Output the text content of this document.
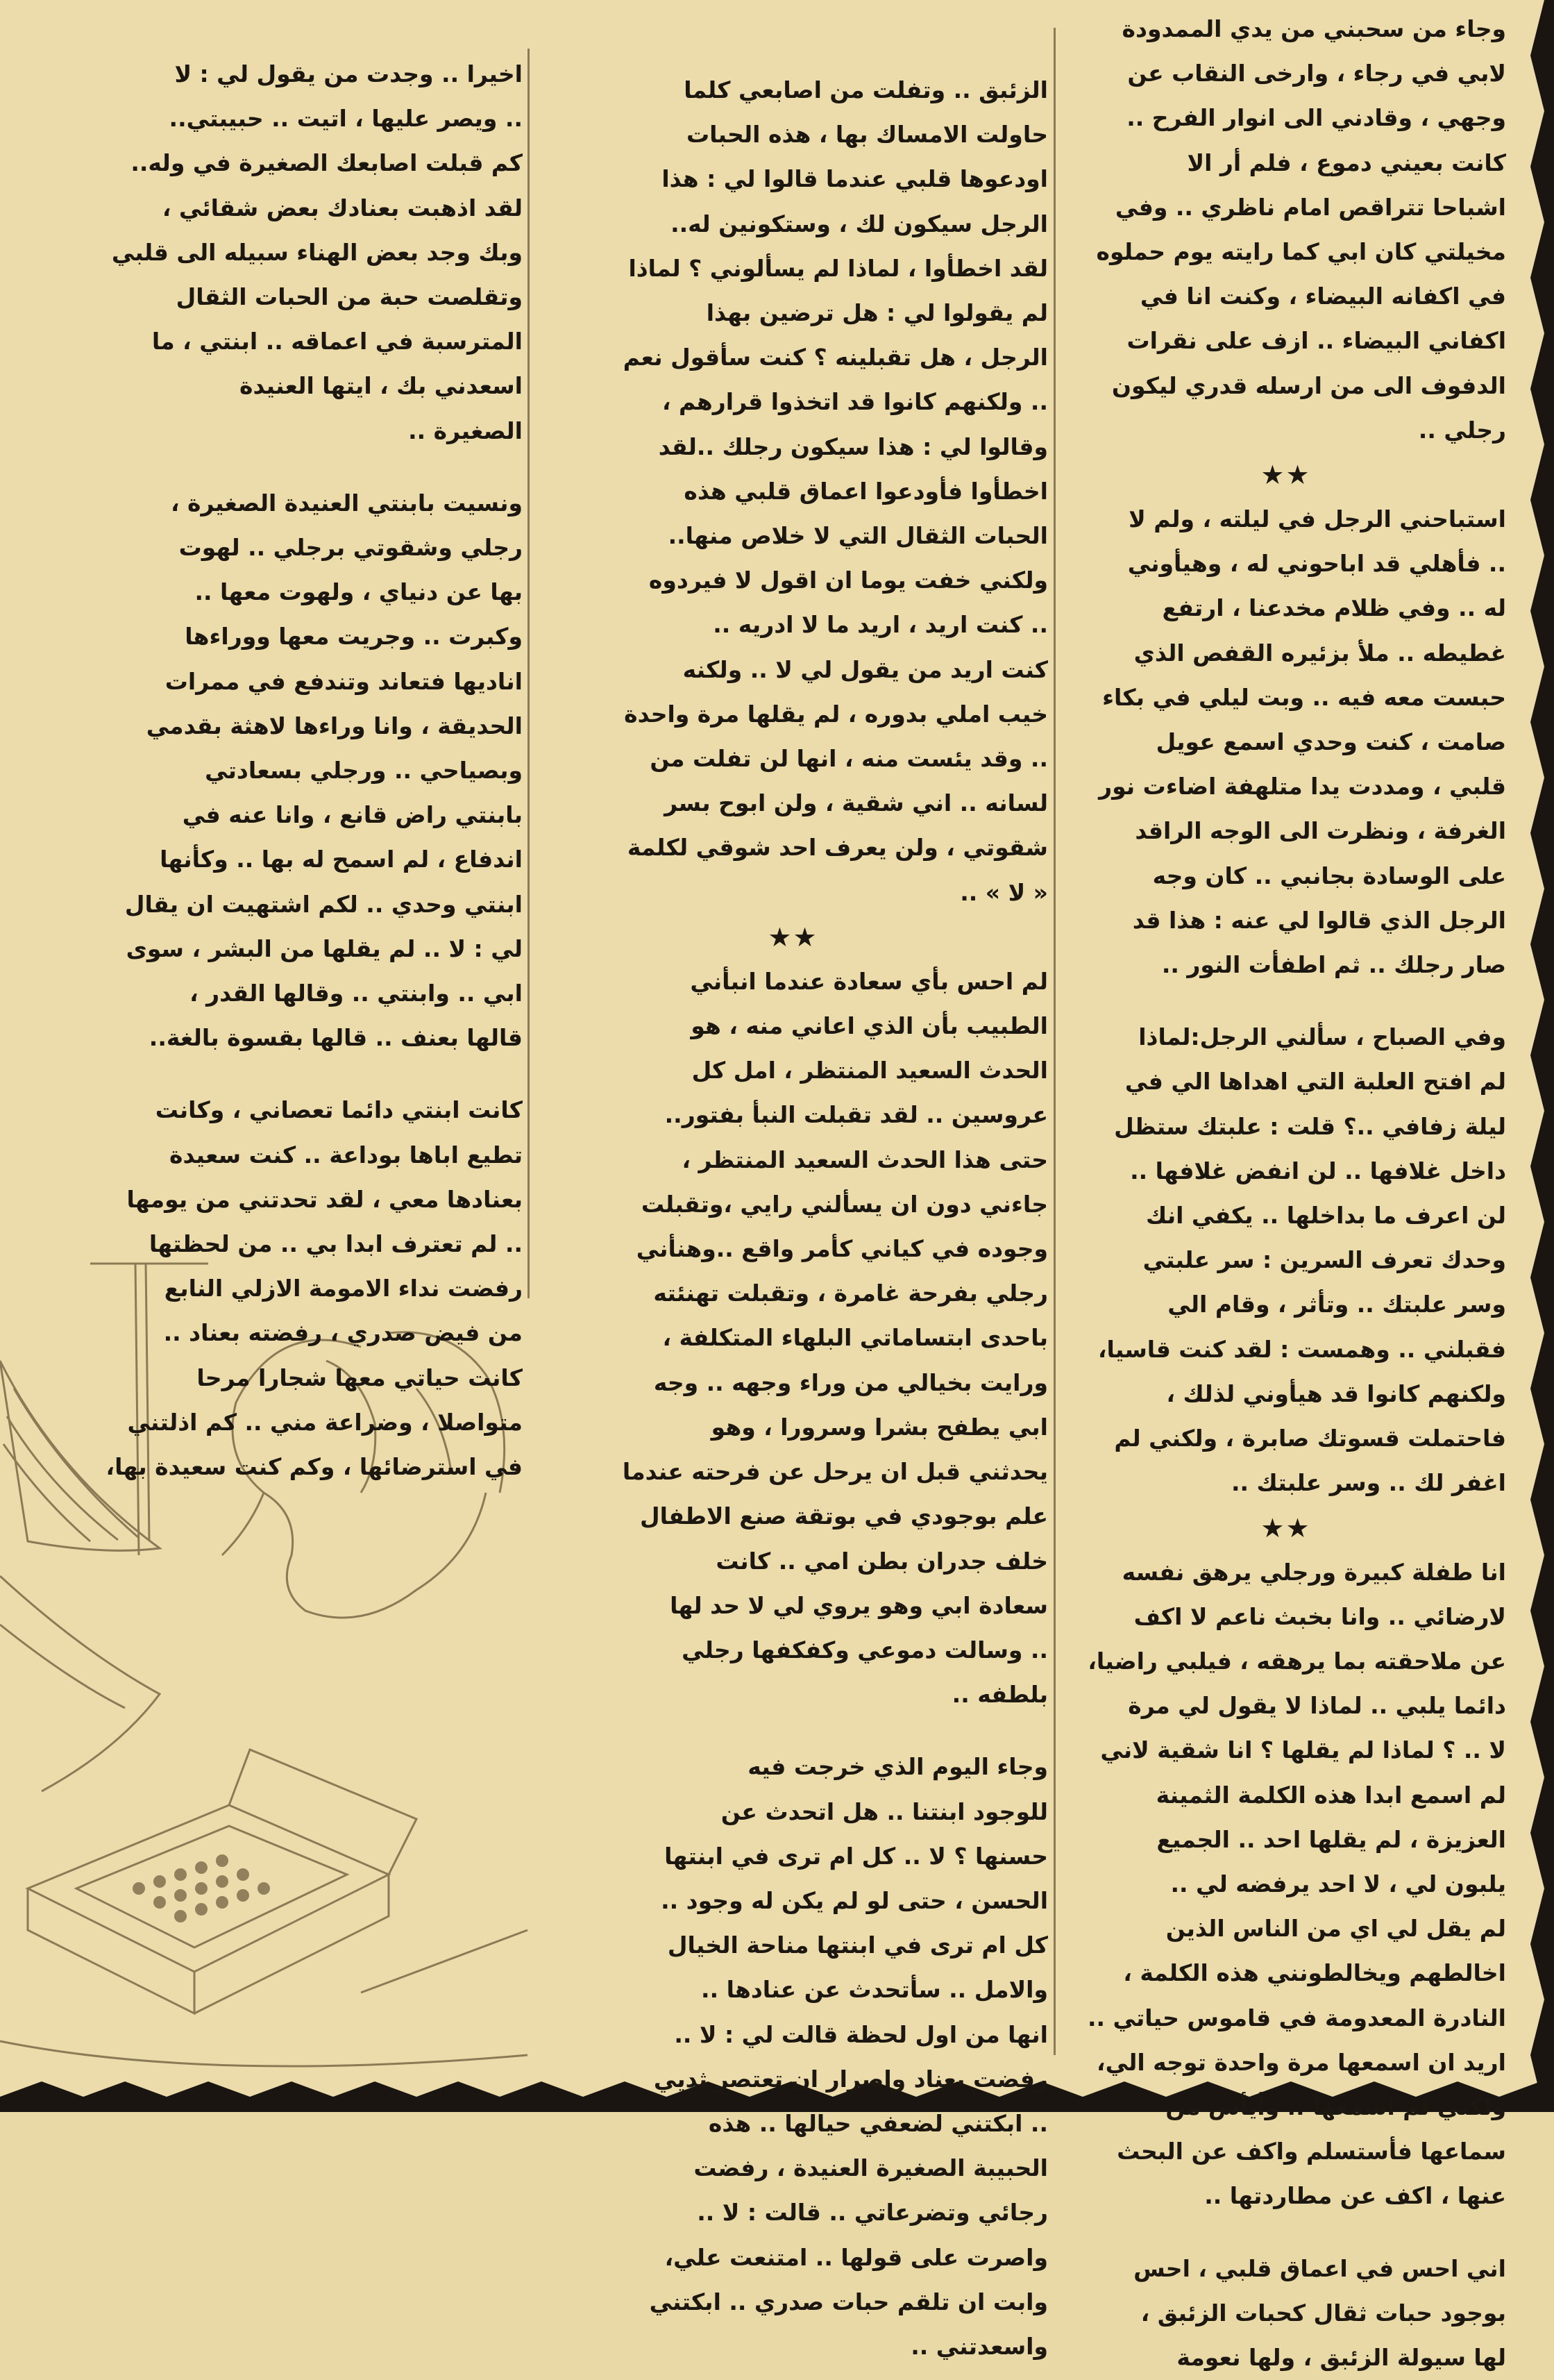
وجاء من سحبني من يدي الممدودة
لابي في رجاء ، وارخى النقاب عن
وجهي ، وقادني الى انوار الفرح ..
كانت بعيني دموع ، فلم أر الا
اشباحا تتراقص امام ناظري .. وفي
مخيلتي كان ابي كما رايته يوم حملوه
في اكفانه البيضاء ، وكنت انا في
اكفاني البيضاء .. ازف على نقرات
الدفوف الى من ارسله قدري ليكون
رجلي ..
★★
استباحني الرجل في ليلته ، ولم لا
.. فأهلي قد اباحوني له ، وهيأوني
له .. وفي ظلام مخدعنا ، ارتفع
غطيطه .. ملأ بزئيره القفص الذي
حبست معه فيه .. وبت ليلي في بكاء
صامت ، كنت وحدي اسمع عويل
قلبي ، ومددت يدا متلهفة اضاءت نور
الغرفة ، ونظرت الى الوجه الراقد
على الوسادة بجانبي .. كان وجه
الرجل الذي قالوا لي عنه : هذا قد
صار رجلك .. ثم اطفأت النور ..
وفي الصباح ، سألني الرجل:لماذا
لم افتح العلبة التي اهداها الي في
ليلة زفافي ..؟ قلت : علبتك ستظل
داخل غلافها .. لن انفض غلافها ..
لن اعرف ما بداخلها .. يكفي انك
وحدك تعرف السرين : سر علبتي
وسر علبتك .. وتأثر ، وقام الي
فقبلني .. وهمست : لقد كنت قاسيا،
ولكنهم كانوا قد هيأوني لذلك ،
فاحتملت قسوتك صابرة ، ولكني لم
اغفر لك .. وسر علبتك ..
★★
انا طفلة كبيرة ورجلي يرهق نفسه
لارضائي .. وانا بخبث ناعم لا اكف
عن ملاحقته بما يرهقه ، فيلبي راضيا،
دائما يلبي .. لماذا لا يقول لي مرة
لا .. ؟ لماذا لم يقلها ؟ انا شقية لاني
لم اسمع ابدا هذه الكلمة الثمينة
العزيزة ، لم يقلها احد .. الجميع
يلبون لي ، لا احد يرفضه لي ..
لم يقل لي اي من الناس الذين
اخالطهم ويخالطونني هذه الكلمة ،
النادرة المعدومة في قاموس حياتي ..
اريد ان اسمعها مرة واحدة توجه الي،
ولكني لم اسمعها .. وأيأس من
سماعها فأستسلم واكف عن البحث
عنها ، اكف عن مطاردتها ..
اني احس في اعماق قلبي ، احس
بوجود حبات ثقال كحبات الزئبق ،
لها سيولة الزئبق ، ولها نعومة
الزئبق .. وتفلت من اصابعي كلما
حاولت الامساك بها ، هذه الحبات
اودعوها قلبي عندما قالوا لي : هذا
الرجل سيكون لك ، وستكونين له..
لقد اخطأوا ، لماذا لم يسألوني ؟ لماذا
لم يقولوا لي : هل ترضين بهذا
الرجل ، هل تقبلينه ؟ كنت سأقول نعم
.. ولكنهم كانوا قد اتخذوا قرارهم ،
وقالوا لي : هذا سيكون رجلك ..لقد
اخطأوا فأودعوا اعماق قلبي هذه
الحبات الثقال التي لا خلاص منها..
ولكني خفت يوما ان اقول لا فيردوه
.. كنت اريد ، اريد ما لا ادريه ..
كنت اريد من يقول لي لا .. ولكنه
خيب املي بدوره ، لم يقلها مرة واحدة
.. وقد يئست منه ، انها لن تفلت من
لسانه .. اني شقية ، ولن ابوح بسر
شقوتي ، ولن يعرف احد شوقي لكلمة
« لا » ..
★★
لم احس بأي سعادة عندما انبأني
الطبيب بأن الذي اعاني منه ، هو
الحدث السعيد المنتظر ، امل كل
عروسين .. لقد تقبلت النبأ بفتور..
حتى هذا الحدث السعيد المنتظر ،
جاءني دون ان يسألني رايي ،وتقبلت
وجوده في كياني كأمر واقع ..وهنأني
رجلي بفرحة غامرة ، وتقبلت تهنئته
باحدى ابتساماتي البلهاء المتكلفة ،
ورايت بخيالي من وراء وجهه .. وجه
ابي يطفح بشرا وسرورا ، وهو
يحدثني قبل ان يرحل عن فرحته عندما
علم بوجودي في بوتقة صنع الاطفال
خلف جدران بطن امي .. كانت
سعادة ابي وهو يروي لي لا حد لها
.. وسالت دموعي وكفكفها رجلي
بلطفه ..
وجاء اليوم الذي خرجت فيه
للوجود ابنتنا .. هل اتحدث عن
حسنها ؟ لا .. كل ام ترى في ابنتها
الحسن ، حتى لو لم يكن له وجود ..
كل ام ترى في ابنتها مناحة الخيال
والامل .. سأتحدث عن عنادها ..
انها من اول لحظة قالت لي : لا ..
رفضت بعناد واصرار ان تعتصر ثديي
.. ابكتني لضعفي حيالها .. هذه
الحبيبة الصغيرة العنيدة ، رفضت
رجائي وتضرعاتي .. قالت : لا ..
واصرت على قولها .. امتنعت علي،
وابت ان تلقم حبات صدري .. ابكتني
واسعدتني ..
اخيرا .. وجدت من يقول لي : لا
.. ويصر عليها ، اتيت .. حبيبتي..
كم قبلت اصابعك الصغيرة في وله..
لقد اذهبت بعنادك بعض شقائي ،
وبك وجد بعض الهناء سبيله الى قلبي
وتقلصت حبة من الحبات الثقال
المترسبة في اعماقه .. ابنتي ، ما
اسعدني بك ، ايتها العنيدة
الصغيرة ..
ونسيت بابنتي العنيدة الصغيرة ،
رجلي وشقوتي برجلي .. لهوت
بها عن دنياي ، ولهوت معها ..
وكبرت .. وجريت معها ووراءها
اناديها فتعاند وتندفع في ممرات
الحديقة ، وانا وراءها لاهثة بقدمي
وبصياحي .. ورجلي بسعادتي
بابنتي راض قانع ، وانا عنه في
اندفاع ، لم اسمح له بها .. وكأنها
ابنتي وحدي .. لكم اشتهيت ان يقال
لي : لا .. لم يقلها من البشر ، سوى
ابي .. وابنتي .. وقالها القدر ،
قالها بعنف .. قالها بقسوة بالغة..
كانت ابنتي دائما تعصاني ، وكانت
تطيع اباها بوداعة .. كنت سعيدة
بعنادها معي ، لقد تحدتني من يومها
.. لم تعترف ابدا بي .. من لحظتها
رفضت نداء الامومة الازلي النابع
من فيض صدري ، رفضته بعناد ..
كانت حياتي معها شجارا مرحا
متواصلا ، وضراعة مني .. كم اذلتني
في استرضائها ، وكم كنت سعيدة بها،
